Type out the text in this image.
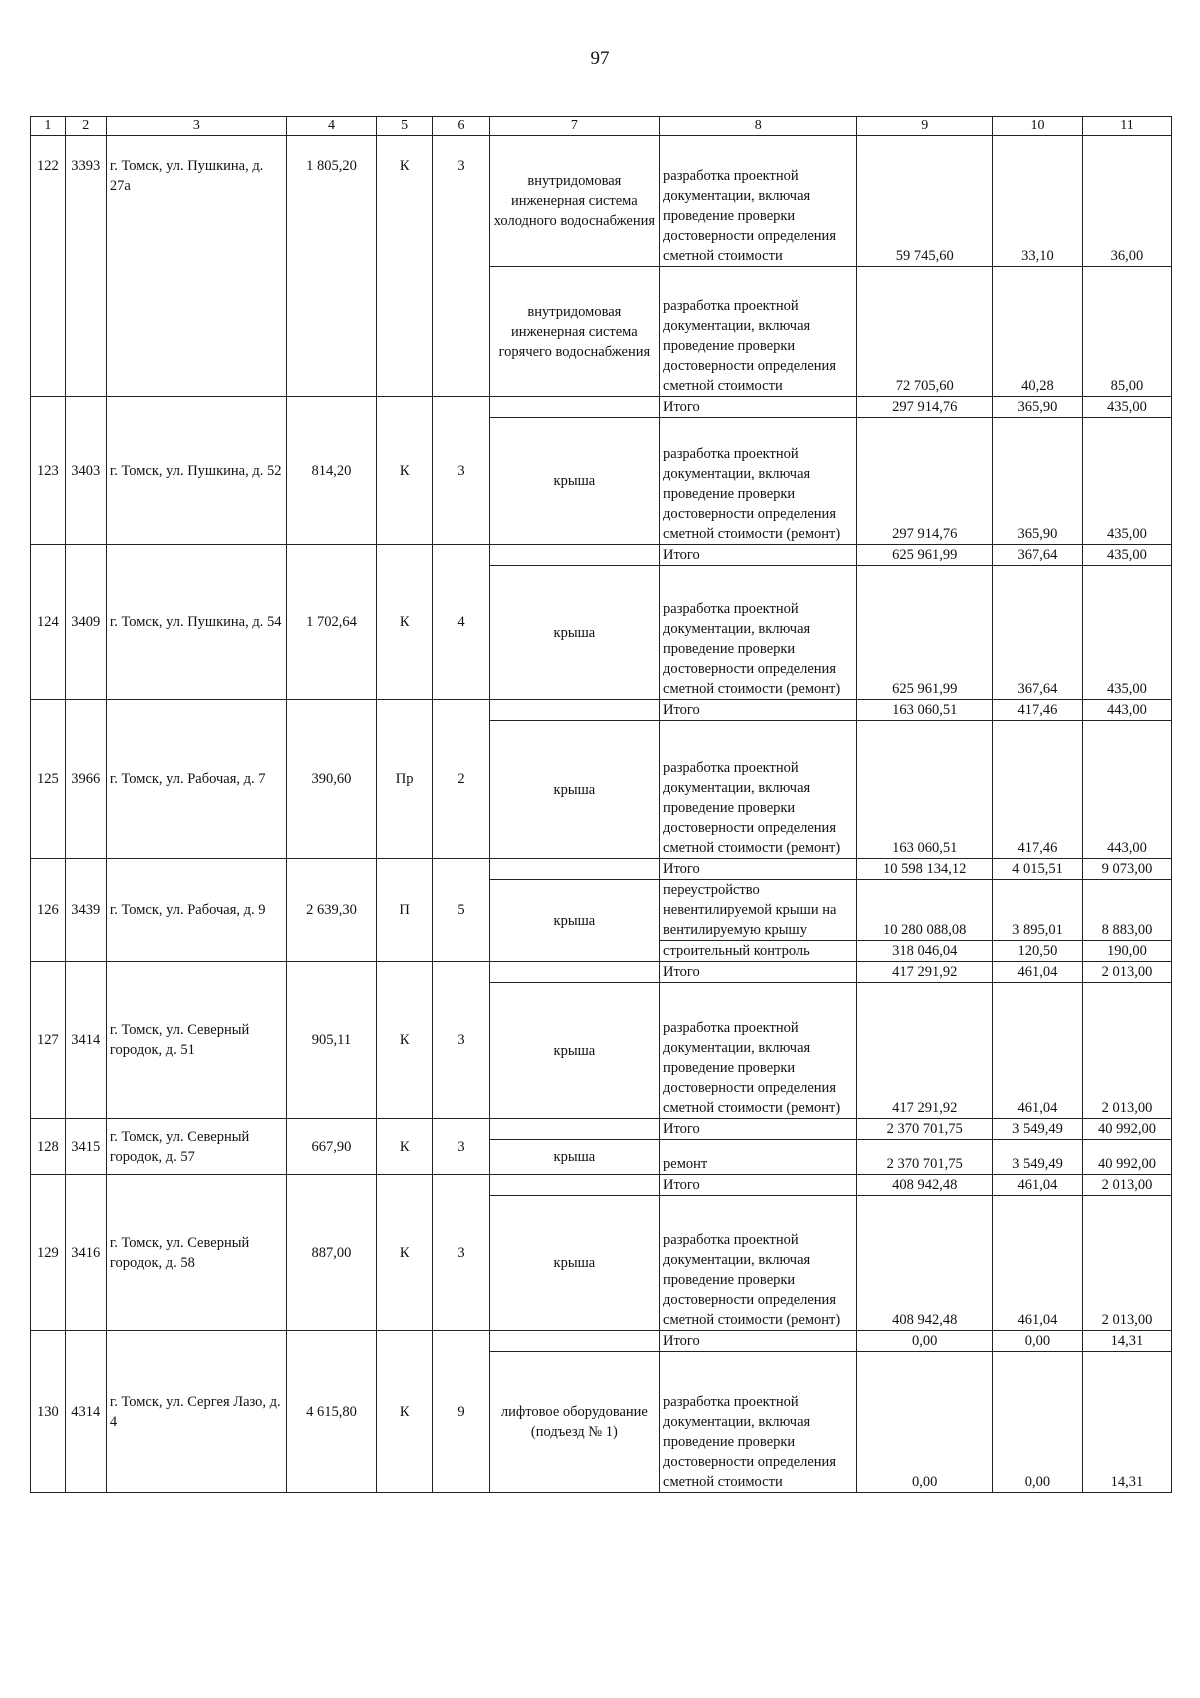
97
1	2	3	4	5	6	7	8	9	10	11
122	3393	г. Томск, ул. Пушкина, д. 27а	1 805,20	К	3	внутридомовая инженерная система холодного водоснабжения	разработка проектной документации, включая проведение проверки достоверности определения сметной стоимости	59 745,60	33,10	36,00
						внутридомовая инженерная система горячего водоснабжения	разработка проектной документации, включая проведение проверки достоверности определения сметной стоимости	72 705,60	40,28	85,00
123	3403	г. Томск, ул. Пушкина, д. 52	814,20	К	3		Итого	297 914,76	365,90	435,00
						крыша	разработка проектной документации, включая проведение проверки достоверности определения сметной стоимости (ремонт)	297 914,76	365,90	435,00
124	3409	г. Томск, ул. Пушкина, д. 54	1 702,64	К	4		Итого	625 961,99	367,64	435,00
						крыша	разработка проектной документации, включая проведение проверки достоверности определения сметной стоимости (ремонт)	625 961,99	367,64	435,00
125	3966	г. Томск, ул. Рабочая, д. 7	390,60	Пр	2		Итого	163 060,51	417,46	443,00
						крыша	разработка проектной документации, включая проведение проверки достоверности определения сметной стоимости (ремонт)	163 060,51	417,46	443,00
126	3439	г. Томск, ул. Рабочая, д. 9	2 639,30	П	5		Итого	10 598 134,12	4 015,51	9 073,00
						крыша	переустройство невентилируемой крыши на вентилируемую крышу	10 280 088,08	3 895,01	8 883,00
							строительный контроль	318 046,04	120,50	190,00
127	3414	г. Томск, ул. Северный городок, д. 51	905,11	К	3		Итого	417 291,92	461,04	2 013,00
						крыша	разработка проектной документации, включая проведение проверки достоверности определения сметной стоимости (ремонт)	417 291,92	461,04	2 013,00
128	3415	г. Томск, ул. Северный городок, д. 57	667,90	К	3		Итого	2 370 701,75	3 549,49	40 992,00
						крыша	ремонт	2 370 701,75	3 549,49	40 992,00
129	3416	г. Томск, ул. Северный городок, д. 58	887,00	К	3		Итого	408 942,48	461,04	2 013,00
						крыша	разработка проектной документации, включая проведение проверки достоверности определения сметной стоимости (ремонт)	408 942,48	461,04	2 013,00
130	4314	г. Томск, ул. Сергея Лазо, д. 4	4 615,80	К	9		Итого	0,00	0,00	14,31
						лифтовое оборудование (подъезд № 1)	разработка проектной документации, включая проведение проверки достоверности определения сметной стоимости	0,00	0,00	14,31
